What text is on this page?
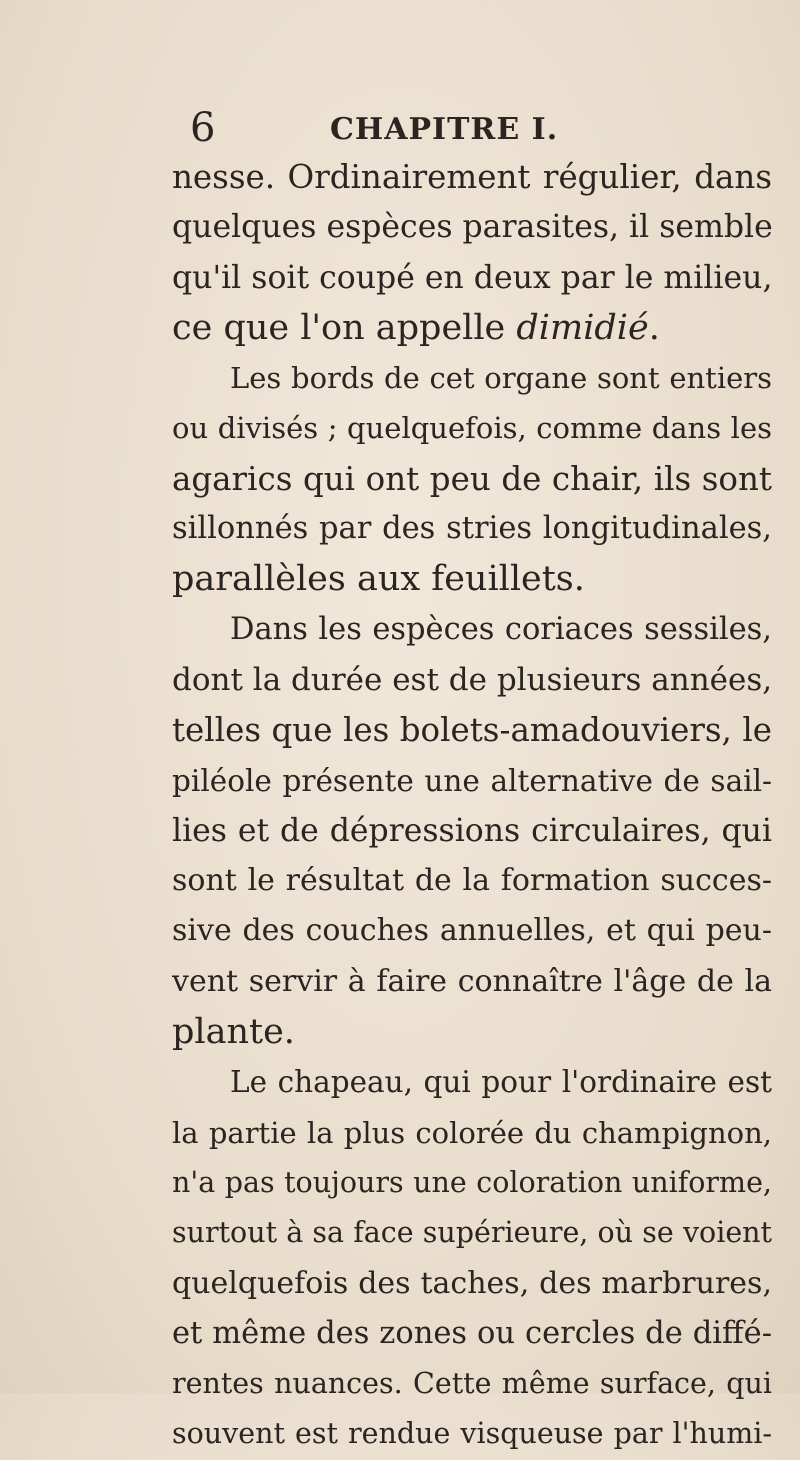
6	CHAPITRE I.
nesse. Ordinairement régulier, dans
quelques espèces parasites, il semble
qu'il soit coupé en deux par le milieu,
ce que l'on appelle dimidié.
Les bords de cet organe sont entiers
ou divisés ; quelquefois, comme dans les
agarics qui ont peu de chair, ils sont
sillonnés par des stries longitudinales,
parallèles aux feuillets.
Dans les espèces coriaces sessiles,
dont la durée est de plusieurs années,
telles que les bolets-amadouviers, le
piléole présente une alternative de sail-
lies et de dépressions circulaires, qui
sont le résultat de la formation succes-
sive des couches annuelles, et qui peu-
vent servir à faire connaître l'âge de la
plante.
Le chapeau, qui pour l'ordinaire est
la partie la plus colorée du champignon,
n'a pas toujours une coloration uniforme,
surtout à sa face supérieure, où se voient
quelquefois des taches, des marbrures,
et même des zones ou cercles de diffé-
rentes nuances. Cette même surface, qui
souvent est rendue visqueuse par l'humi-
